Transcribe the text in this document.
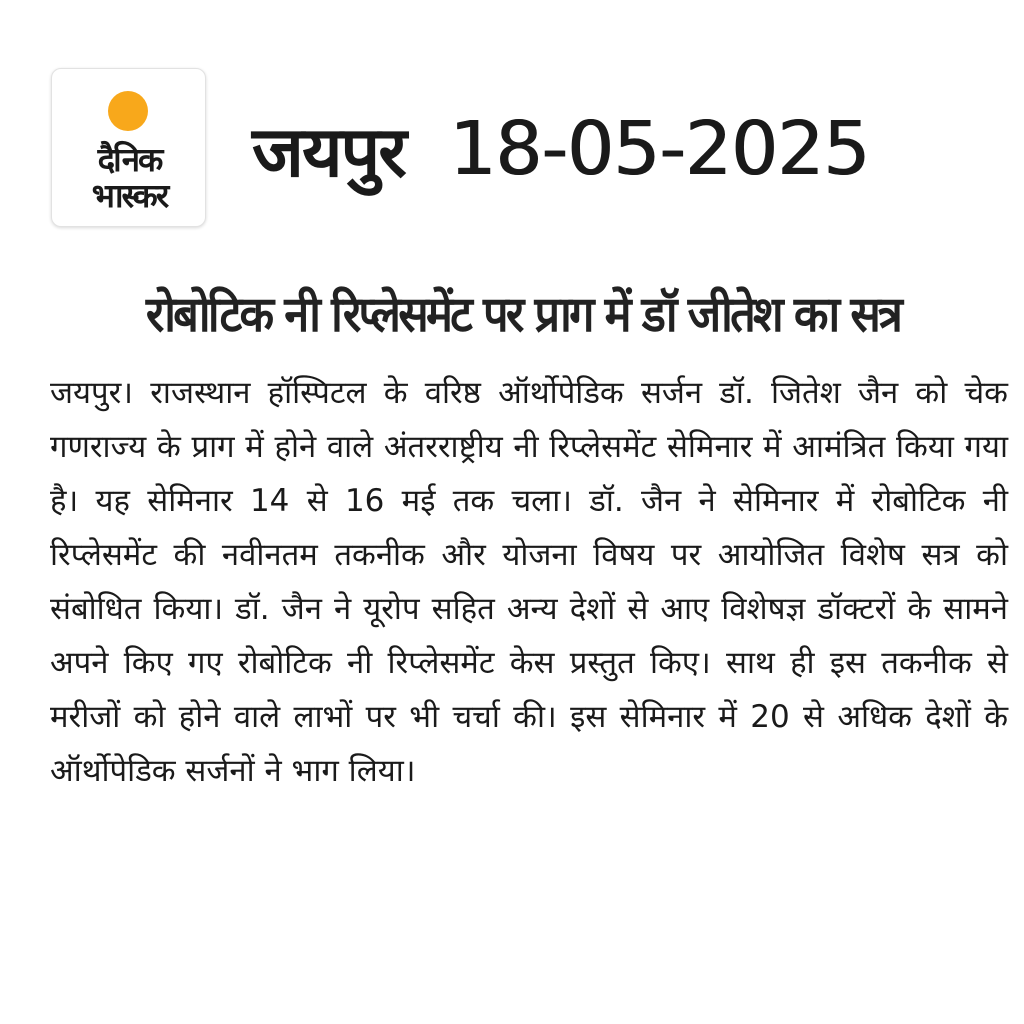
दैनिक
भास्कर
जयपुर 18-05-2025
रोबोटिक नी रिप्लेसमेंट पर प्राग में डॉ जीतेश का सत्र

जयपुर। राजस्थान हॉस्पिटल के वरिष्ठ ऑर्थोपेडिक सर्जन डॉ. जितेश जैन को चेक गणराज्य के प्राग में होने वाले अंतरराष्ट्रीय नी रिप्लेसमेंट सेमिनार में आमंत्रित किया गया है। यह सेमिनार 14 से 16 मई तक चला। डॉ. जैन ने सेमिनार में रोबोटिक नी रिप्लेसमेंट की नवीनतम तकनीक और योजना विषय पर आयोजित विशेष सत्र को संबोधित किया। डॉ. जैन ने यूरोप सहित अन्य देशों से आए विशेषज्ञ डॉक्टरों के सामने अपने किए गए रोबोटिक नी रिप्लेसमेंट केस प्रस्तुत किए। साथ ही इस तकनीक से मरीजों को होने वाले लाभों पर भी चर्चा की। इस सेमिनार में 20 से अधिक देशों के ऑर्थोपेडिक सर्जनों ने भाग लिया।
